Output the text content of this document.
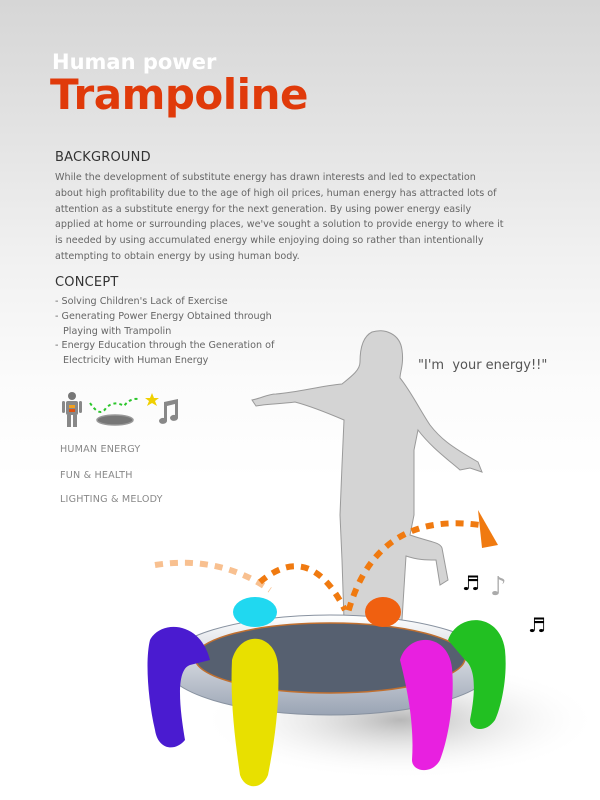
Human power
Trampoline
BACKGROUND
While the development of substitute energy has drawn interests and led to expectation about high profitability due to the age of high oil prices, human energy has attracted lots of attention as a substitute energy for the next generation. By using power energy easily applied at home or surrounding places, we've sought a solution to provide energy to where it is needed by using accumulated energy while enjoying doing so rather than intentionally attempting to obtain energy by using human body.
CONCEPT
- Solving Children's Lack of Exercise
- Generating Power Energy Obtained through Playing with Trampolin
- Energy Education through the Generation of Electricity with Human Energy
HUMAN ENERGY
FUN & HEALTH
LIGHTING & MELODY
"I'm  your energy!!"
♬ ♪
♬
